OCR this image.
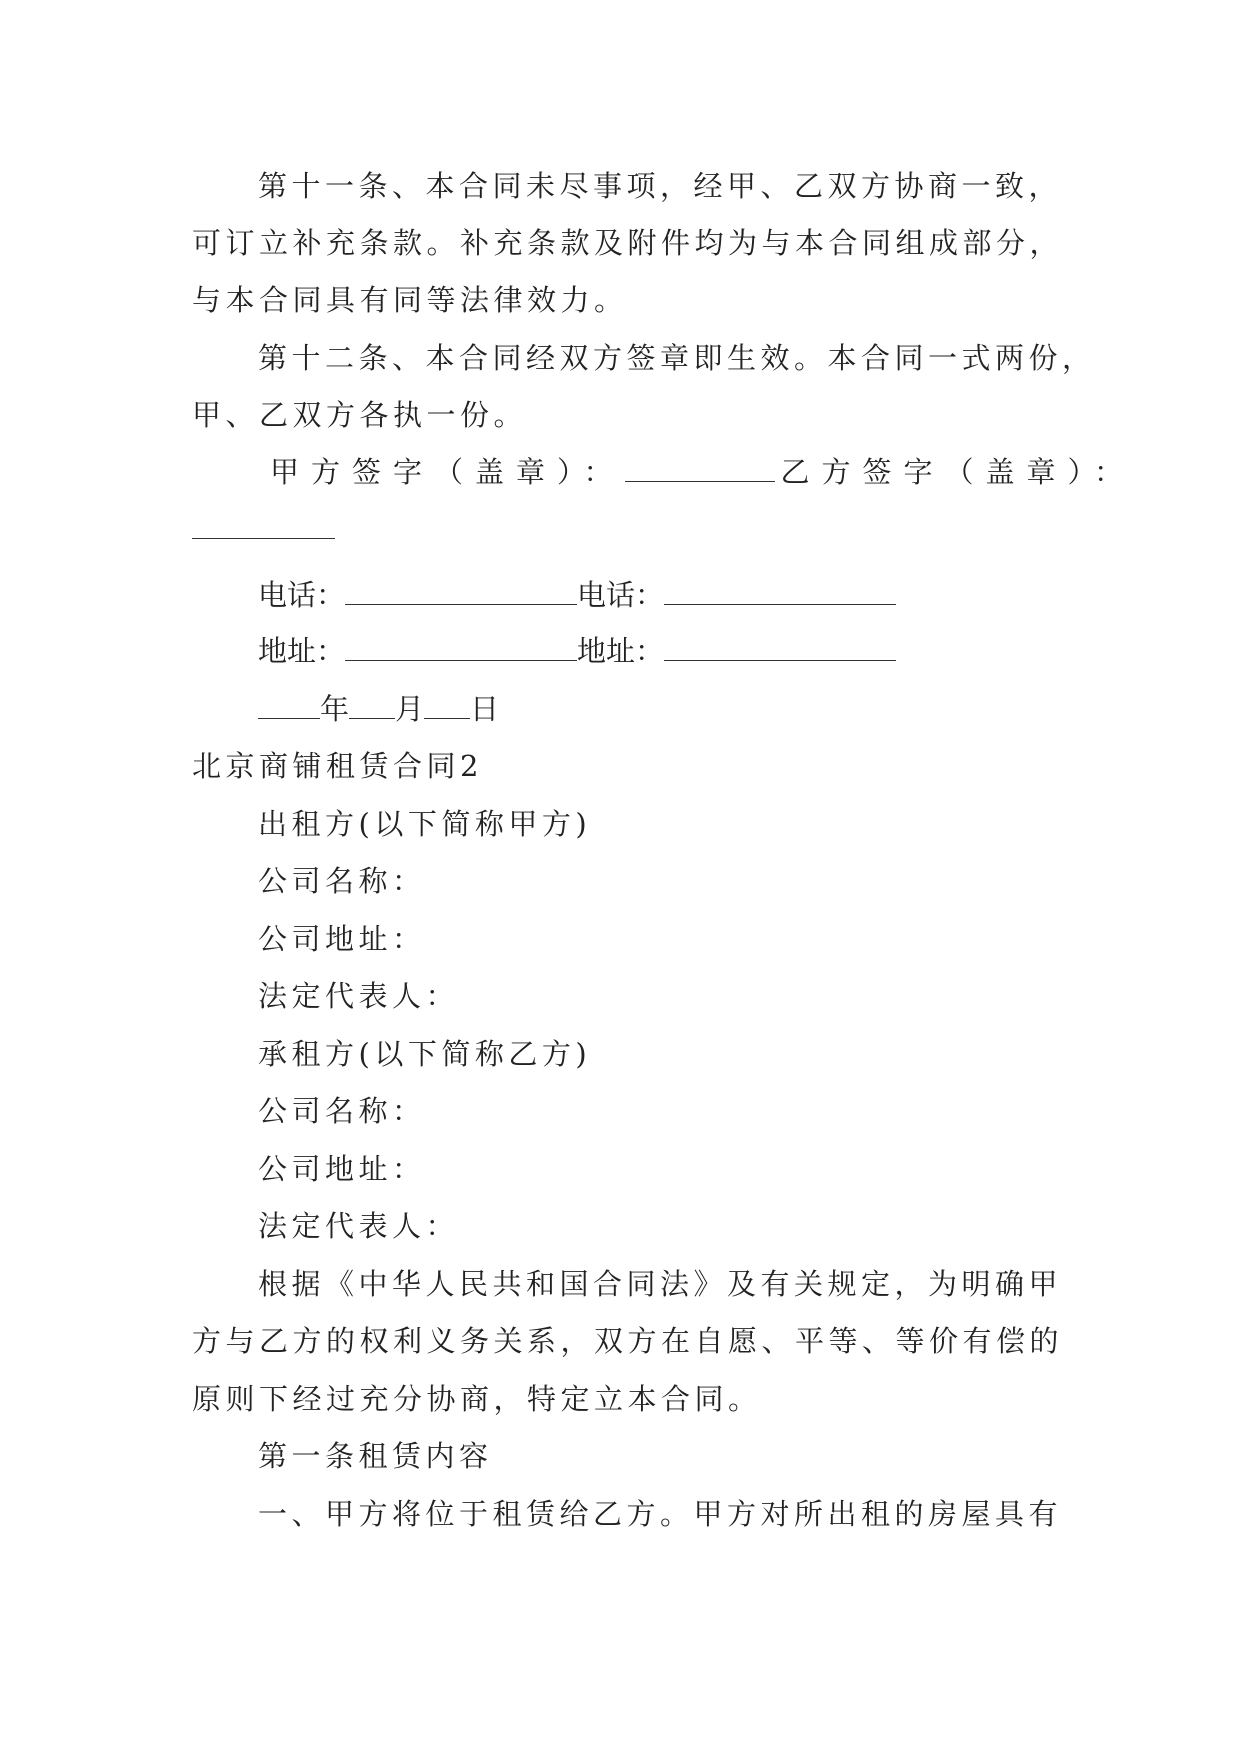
第十一条、本合同未尽事项，经甲、乙双方协商一致，

可订立补充条款。补充条款及附件均为与本合同组成部分，

与本合同具有同等法律效力。

第十二条、本合同经双方签章即生效。本合同一式两份，

甲、乙双方各执一份。

甲方签字（盖章）：	乙方签字（盖章）：
电话：	电话：
地址：	地址：
年 月 日

北京商铺租赁合同2

出租方(以下简称甲方)

公司名称：

公司地址：

法定代表人：

承租方(以下简称乙方)

公司名称：

公司地址：

法定代表人：

根据《中华人民共和国合同法》及有关规定，为明确甲

方与乙方的权利义务关系，双方在自愿、平等、等价有偿的

原则下经过充分协商，特定立本合同。

第一条租赁内容

一、甲方将位于租赁给乙方。甲方对所出租的房屋具有
